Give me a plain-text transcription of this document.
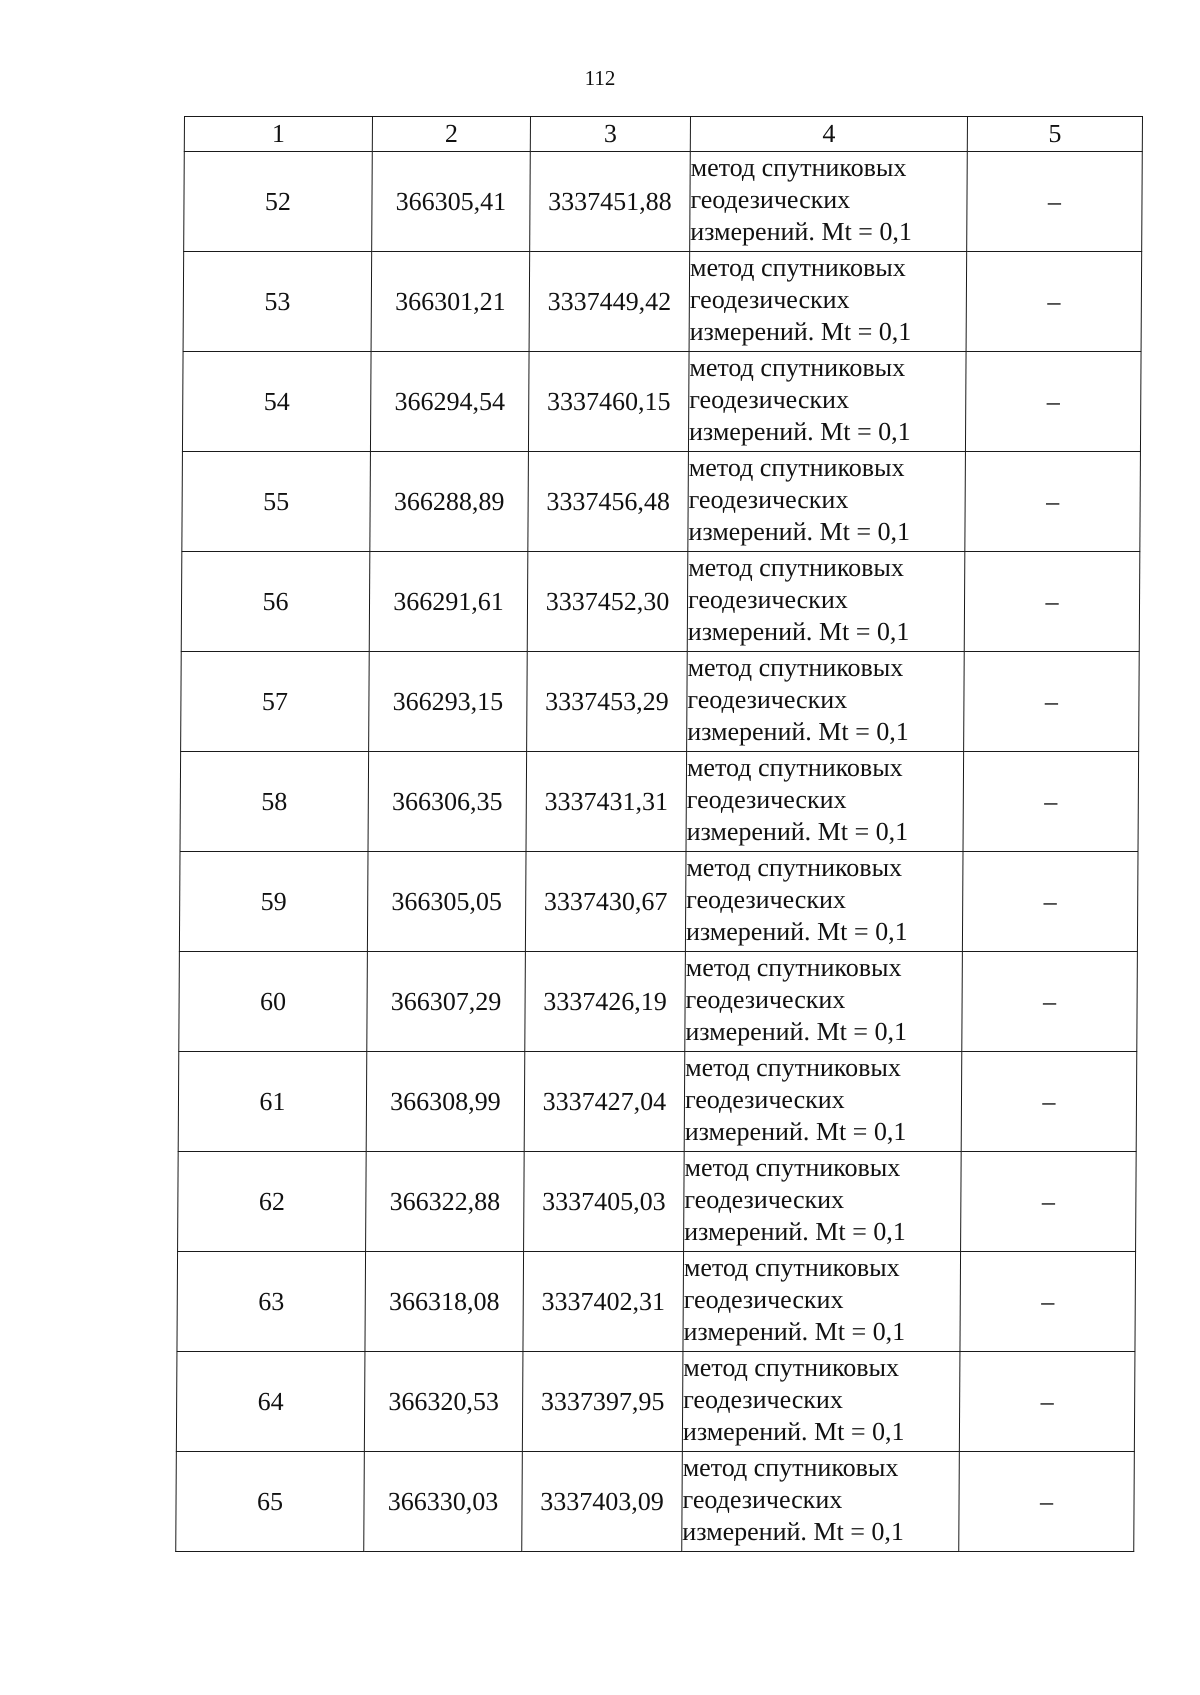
112
1	2	3	4	5
52	366305,41	3337451,88	метод спутниковых
геодезических
измерений. Mt = 0,1	–
53	366301,21	3337449,42	метод спутниковых
геодезических
измерений. Mt = 0,1	–
54	366294,54	3337460,15	метод спутниковых
геодезических
измерений. Mt = 0,1	–
55	366288,89	3337456,48	метод спутниковых
геодезических
измерений. Mt = 0,1	–
56	366291,61	3337452,30	метод спутниковых
геодезических
измерений. Mt = 0,1	–
57	366293,15	3337453,29	метод спутниковых
геодезических
измерений. Mt = 0,1	–
58	366306,35	3337431,31	метод спутниковых
геодезических
измерений. Mt = 0,1	–
59	366305,05	3337430,67	метод спутниковых
геодезических
измерений. Mt = 0,1	–
60	366307,29	3337426,19	метод спутниковых
геодезических
измерений. Mt = 0,1	–
61	366308,99	3337427,04	метод спутниковых
геодезических
измерений. Mt = 0,1	–
62	366322,88	3337405,03	метод спутниковых
геодезических
измерений. Mt = 0,1	–
63	366318,08	3337402,31	метод спутниковых
геодезических
измерений. Mt = 0,1	–
64	366320,53	3337397,95	метод спутниковых
геодезических
измерений. Mt = 0,1	–
65	366330,03	3337403,09	метод спутниковых
геодезических
измерений. Mt = 0,1	–
